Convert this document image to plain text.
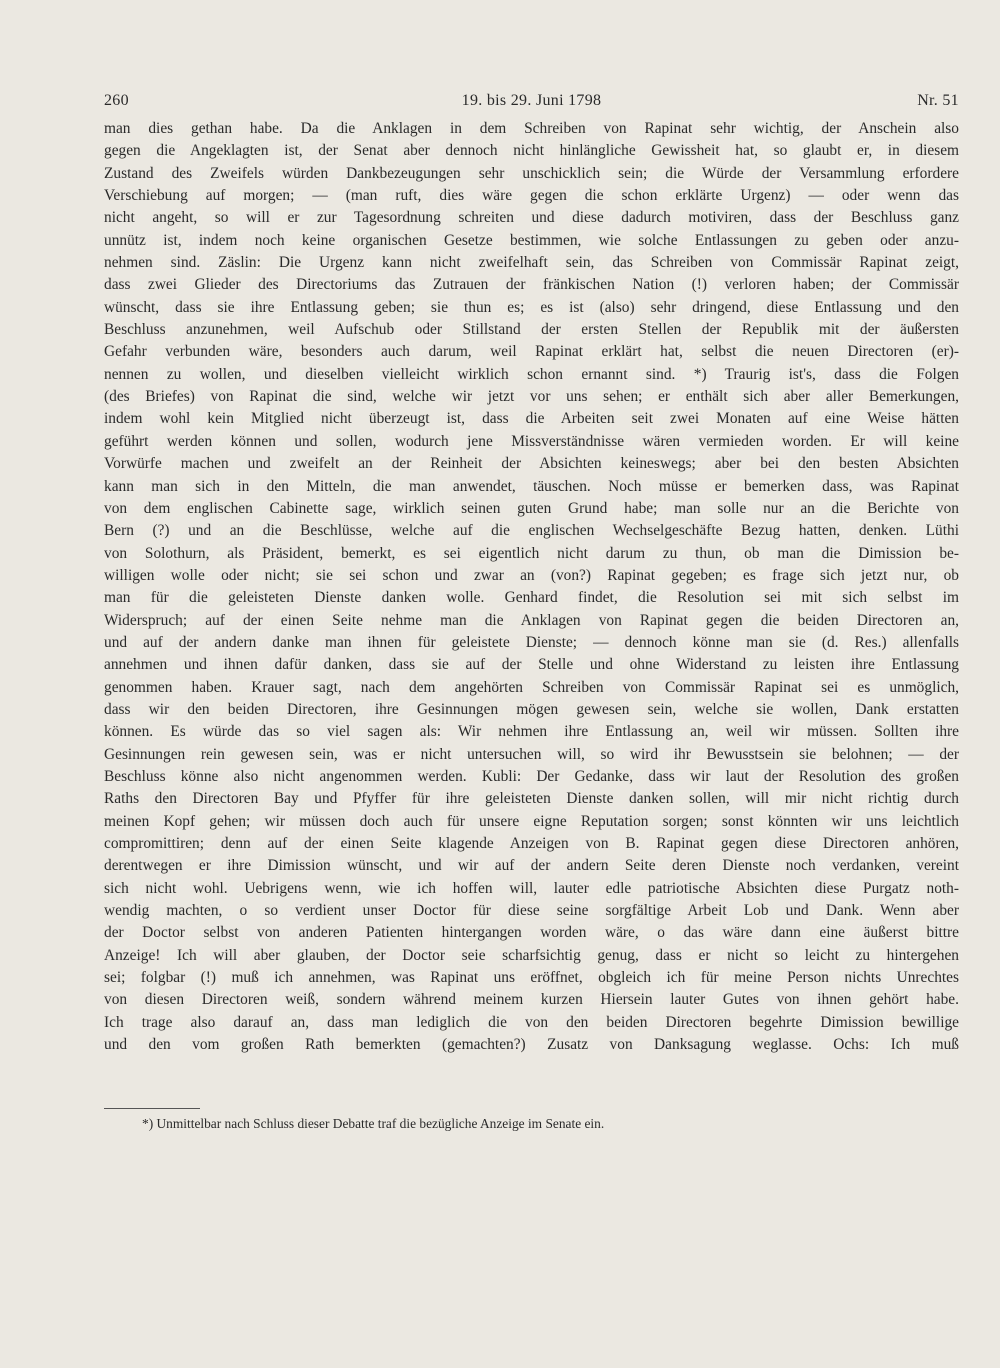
260	19. bis 29. Juni 1798	Nr. 51
man dies gethan habe. Da die Anklagen in dem Schreiben von Rapinat sehr wichtig, der Anschein also
gegen die Angeklagten ist, der Senat aber dennoch nicht hinlängliche Gewissheit hat, so glaubt er, in diesem
Zustand des Zweifels würden Dankbezeugungen sehr unschicklich sein; die Würde der Versammlung erfordere
Verschiebung auf morgen; — (man ruft, dies wäre gegen die schon erklärte Urgenz) — oder wenn das
nicht angeht, so will er zur Tagesordnung schreiten und diese dadurch motiviren, dass der Beschluss ganz
unnütz ist, indem noch keine organischen Gesetze bestimmen, wie solche Entlassungen zu geben oder anzu-
nehmen sind. Zäslin: Die Urgenz kann nicht zweifelhaft sein, das Schreiben von Commissär Rapinat zeigt,
dass zwei Glieder des Directoriums das Zutrauen der fränkischen Nation (!) verloren haben; der Commissär
wünscht, dass sie ihre Entlassung geben; sie thun es; es ist (also) sehr dringend, diese Entlassung und den
Beschluss anzunehmen, weil Aufschub oder Stillstand der ersten Stellen der Republik mit der äußersten
Gefahr verbunden wäre, besonders auch darum, weil Rapinat erklärt hat, selbst die neuen Directoren (er)-
nennen zu wollen, und dieselben vielleicht wirklich schon ernannt sind. *) Traurig ist's, dass die Folgen
(des Briefes) von Rapinat die sind, welche wir jetzt vor uns sehen; er enthält sich aber aller Bemerkungen,
indem wohl kein Mitglied nicht überzeugt ist, dass die Arbeiten seit zwei Monaten auf eine Weise hätten
geführt werden können und sollen, wodurch jene Missverständnisse wären vermieden worden. Er will keine
Vorwürfe machen und zweifelt an der Reinheit der Absichten keineswegs; aber bei den besten Absichten
kann man sich in den Mitteln, die man anwendet, täuschen. Noch müsse er bemerken dass, was Rapinat
von dem englischen Cabinette sage, wirklich seinen guten Grund habe; man solle nur an die Berichte von
Bern (?) und an die Beschlüsse, welche auf die englischen Wechselgeschäfte Bezug hatten, denken. Lüthi
von Solothurn, als Präsident, bemerkt, es sei eigentlich nicht darum zu thun, ob man die Dimission be-
willigen wolle oder nicht; sie sei schon und zwar an (von?) Rapinat gegeben; es frage sich jetzt nur, ob
man für die geleisteten Dienste danken wolle. Genhard findet, die Resolution sei mit sich selbst im
Widerspruch; auf der einen Seite nehme man die Anklagen von Rapinat gegen die beiden Directoren an,
und auf der andern danke man ihnen für geleistete Dienste; — dennoch könne man sie (d. Res.) allenfalls
annehmen und ihnen dafür danken, dass sie auf der Stelle und ohne Widerstand zu leisten ihre Entlassung
genommen haben. Krauer sagt, nach dem angehörten Schreiben von Commissär Rapinat sei es unmöglich,
dass wir den beiden Directoren, ihre Gesinnungen mögen gewesen sein, welche sie wollen, Dank erstatten
können. Es würde das so viel sagen als: Wir nehmen ihre Entlassung an, weil wir müssen. Sollten ihre
Gesinnungen rein gewesen sein, was er nicht untersuchen will, so wird ihr Bewusstsein sie belohnen; — der
Beschluss könne also nicht angenommen werden. Kubli: Der Gedanke, dass wir laut der Resolution des großen
Raths den Directoren Bay und Pfyffer für ihre geleisteten Dienste danken sollen, will mir nicht richtig durch
meinen Kopf gehen; wir müssen doch auch für unsere eigne Reputation sorgen; sonst könnten wir uns leichtlich
compromittiren; denn auf der einen Seite klagende Anzeigen von B. Rapinat gegen diese Directoren anhören,
derentwegen er ihre Dimission wünscht, und wir auf der andern Seite deren Dienste noch verdanken, vereint
sich nicht wohl. Uebrigens wenn, wie ich hoffen will, lauter edle patriotische Absichten diese Purgatz noth-
wendig machten, o so verdient unser Doctor für diese seine sorgfältige Arbeit Lob und Dank. Wenn aber
der Doctor selbst von anderen Patienten hintergangen worden wäre, o das wäre dann eine äußerst bittre
Anzeige! Ich will aber glauben, der Doctor seie scharfsichtig genug, dass er nicht so leicht zu hintergehen
sei; folgbar (!) muß ich annehmen, was Rapinat uns eröffnet, obgleich ich für meine Person nichts Unrechtes
von diesen Directoren weiß, sondern während meinem kurzen Hiersein lauter Gutes von ihnen gehört habe.
Ich trage also darauf an, dass man lediglich die von den beiden Directoren begehrte Dimission bewillige
und den vom großen Rath bemerkten (gemachten?) Zusatz von Danksagung weglasse. Ochs: Ich muß
*) Unmittelbar nach Schluss dieser Debatte traf die bezügliche Anzeige im Senate ein.
